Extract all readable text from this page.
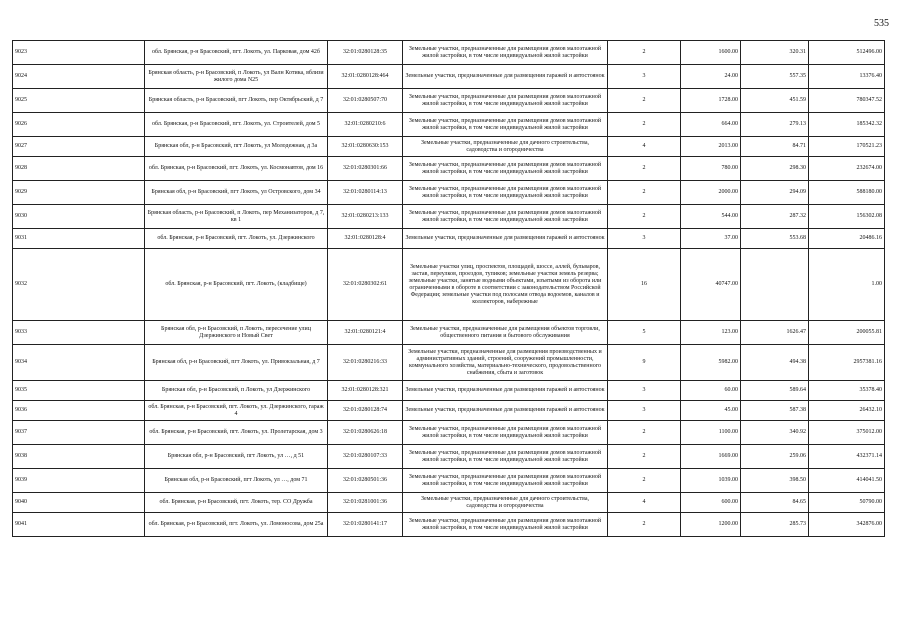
535
9023	обл. Брянская, р-н Брасовский, пгт. Локоть, ул. Парковая, дом 42б	32:01:0280128:35	Земельные участки, предназначенные для размещения домов малоэтажной жилой застройки, в том числе индивидуальной жилой застройки	2	1600.00	320.31	512496.00
9024	Брянская область, р-н Брасовский, п Локоть, ул Валн Котика, вблизи жилого дома N25	32:01:0280128:464	Земельные участки, предназначенные для размещения гаражей и автостоянок	3	24.00	557.35	13376.40
9025	Брянская область, р-н Брасовский, пгт Локоть, пер Октябрьский, д 7	32:01:0280507:70	Земельные участки, предназначенные для размещения домов малоэтажной жилой застройки, в том числе индивидуальной жилой застройки	2	1728.00	451.59	780347.52
9026	обл. Брянская, р-н Брасовский, пгт. Локоть, ул. Строителей, дом 5	32:01:0280210:6	Земельные участки, предназначенные для размещения домов малоэтажной жилой застройки, в том числе индивидуальной жилой застройки	2	664.00	279.13	185342.32
9027	Брянская обл, р-н Брасовский, пгт Локоть, ул Молодежная, д 3а	32:01:0280630:153	Земельные участки, предназначенные для дачного строительства, садоводства и огородничества	4	2013.00	84.71	170521.23
9028	обл. Брянская, р-н Брасовский, пгт. Локоть, ул. Космонавтов, дом 16	32:01:0280301:66	Земельные участки, предназначенные для размещения домов малоэтажной жилой застройки, в том числе индивидуальной жилой застройки	2	780.00	298.30	232674.00
9029	Брянская обл, р-н Брасовский, пгт Локоть, ул Островского, дом 34	32:01:0280114:13	Земельные участки, предназначенные для размещения домов малоэтажной жилой застройки, в том числе индивидуальной жилой застройки	2	2000.00	294.09	588180.00
9030	Брянская область, р-н Брасовский, п Локоть, пер Механизаторов, д 7, кв 1	32:01:0280213:133	Земельные участки, предназначенные для размещения домов малоэтажной жилой застройки, в том числе индивидуальной жилой застройки	2	544.00	287.32	156302.08
9031	обл. Брянская, р-н Брасовский, пгт. Локоть, ул. Дзержинского	32:01:0280128:4	Земельные участки, предназначенные для размещения гаражей и автостоянок	3	37.00	553.68	20486.16
9032	обл. Брянская, р-н Брасовский, пгт. Локоть, (кладбище)	32:01:0280302:61	Земельные участки улиц, проспектов, площадей, шоссе, аллей, бульваров, застав, переулков, проездов, тупиков; земельные участки земель резерва; земельные участки, занятые водными объектами, изъятыми из оборота или ограниченными в обороте в соответствии с законодательством Российской Федерации; земельные участки под полосами отвода водоемов, каналов и коллекторов, набережные	16	40747.00		1.00
9033	Брянская обл, р-н Брасовский, п Локоть, пересечение улиц Дзержинского и Новый Свет	32:01:0280121:4	Земельные участки, предназначенные для размещения объектов торговли, общественного питания и бытового обслуживания	5	123.00	1626.47	200055.81
9034	Брянская обл, р-н Брасовский, пгт Локоть, ул. Привокзальная, д 7	32:01:0280216:33	Земельные участки, предназначенные для размещения производственных и административных зданий, строений, сооружений промышленности, коммунального хозяйства, материально-технического, продовольственного снабжения, сбыта и заготовок	9	5982.00	494.38	2957381.16
9035	Брянская обл, р-н Брасовский, п Локоть, ул Дзержинского	32:01:0280128:321	Земельные участки, предназначенные для размещения гаражей и автостоянок	3	60.00	589.64	35378.40
9036	обл. Брянская, р-н Брасовский, пгт. Локоть, ул. Дзержинского, гараж 4	32:01:0280128:74	Земельные участки, предназначенные для размещения гаражей и автостоянок	3	45.00	587.38	26432.10
9037	обл. Брянская, р-н Брасовский, пгт. Локоть, ул. Пролетарская, дом 3	32:01:0280626:18	Земельные участки, предназначенные для размещения домов малоэтажной жилой застройки, в том числе индивидуальной жилой застройки	2	1100.00	340.92	375012.00
9038	Брянская обл, р-н Брасовский, пгт Локоть, ул …, д 51	32:01:0280107:33	Земельные участки, предназначенные для размещения домов малоэтажной жилой застройки, в том числе индивидуальной жилой застройки	2	1669.00	259.06	432371.14
9039	Брянская обл, р-н Брасовский, пгт Локоть, ул …, дом 71	32:01:0280501:36	Земельные участки, предназначенные для размещения домов малоэтажной жилой застройки, в том числе индивидуальной жилой застройки	2	1039.00	398.50	414041.50
9040	обл. Брянская, р-н Брасовский, пгт. Локоть, тер. СО Дружба	32:01:0281001:36	Земельные участки, предназначенные для дачного строительства, садоводства и огородничества	4	600.00	84.65	50790.00
9041	обл. Брянская, р-н Брасовский, пгт. Локоть, ул. Ломоносова, дом 25а	32:01:0280141:17	Земельные участки, предназначенные для размещения домов малоэтажной жилой застройки, в том числе индивидуальной жилой застройки	2	1200.00	285.73	342876.00
